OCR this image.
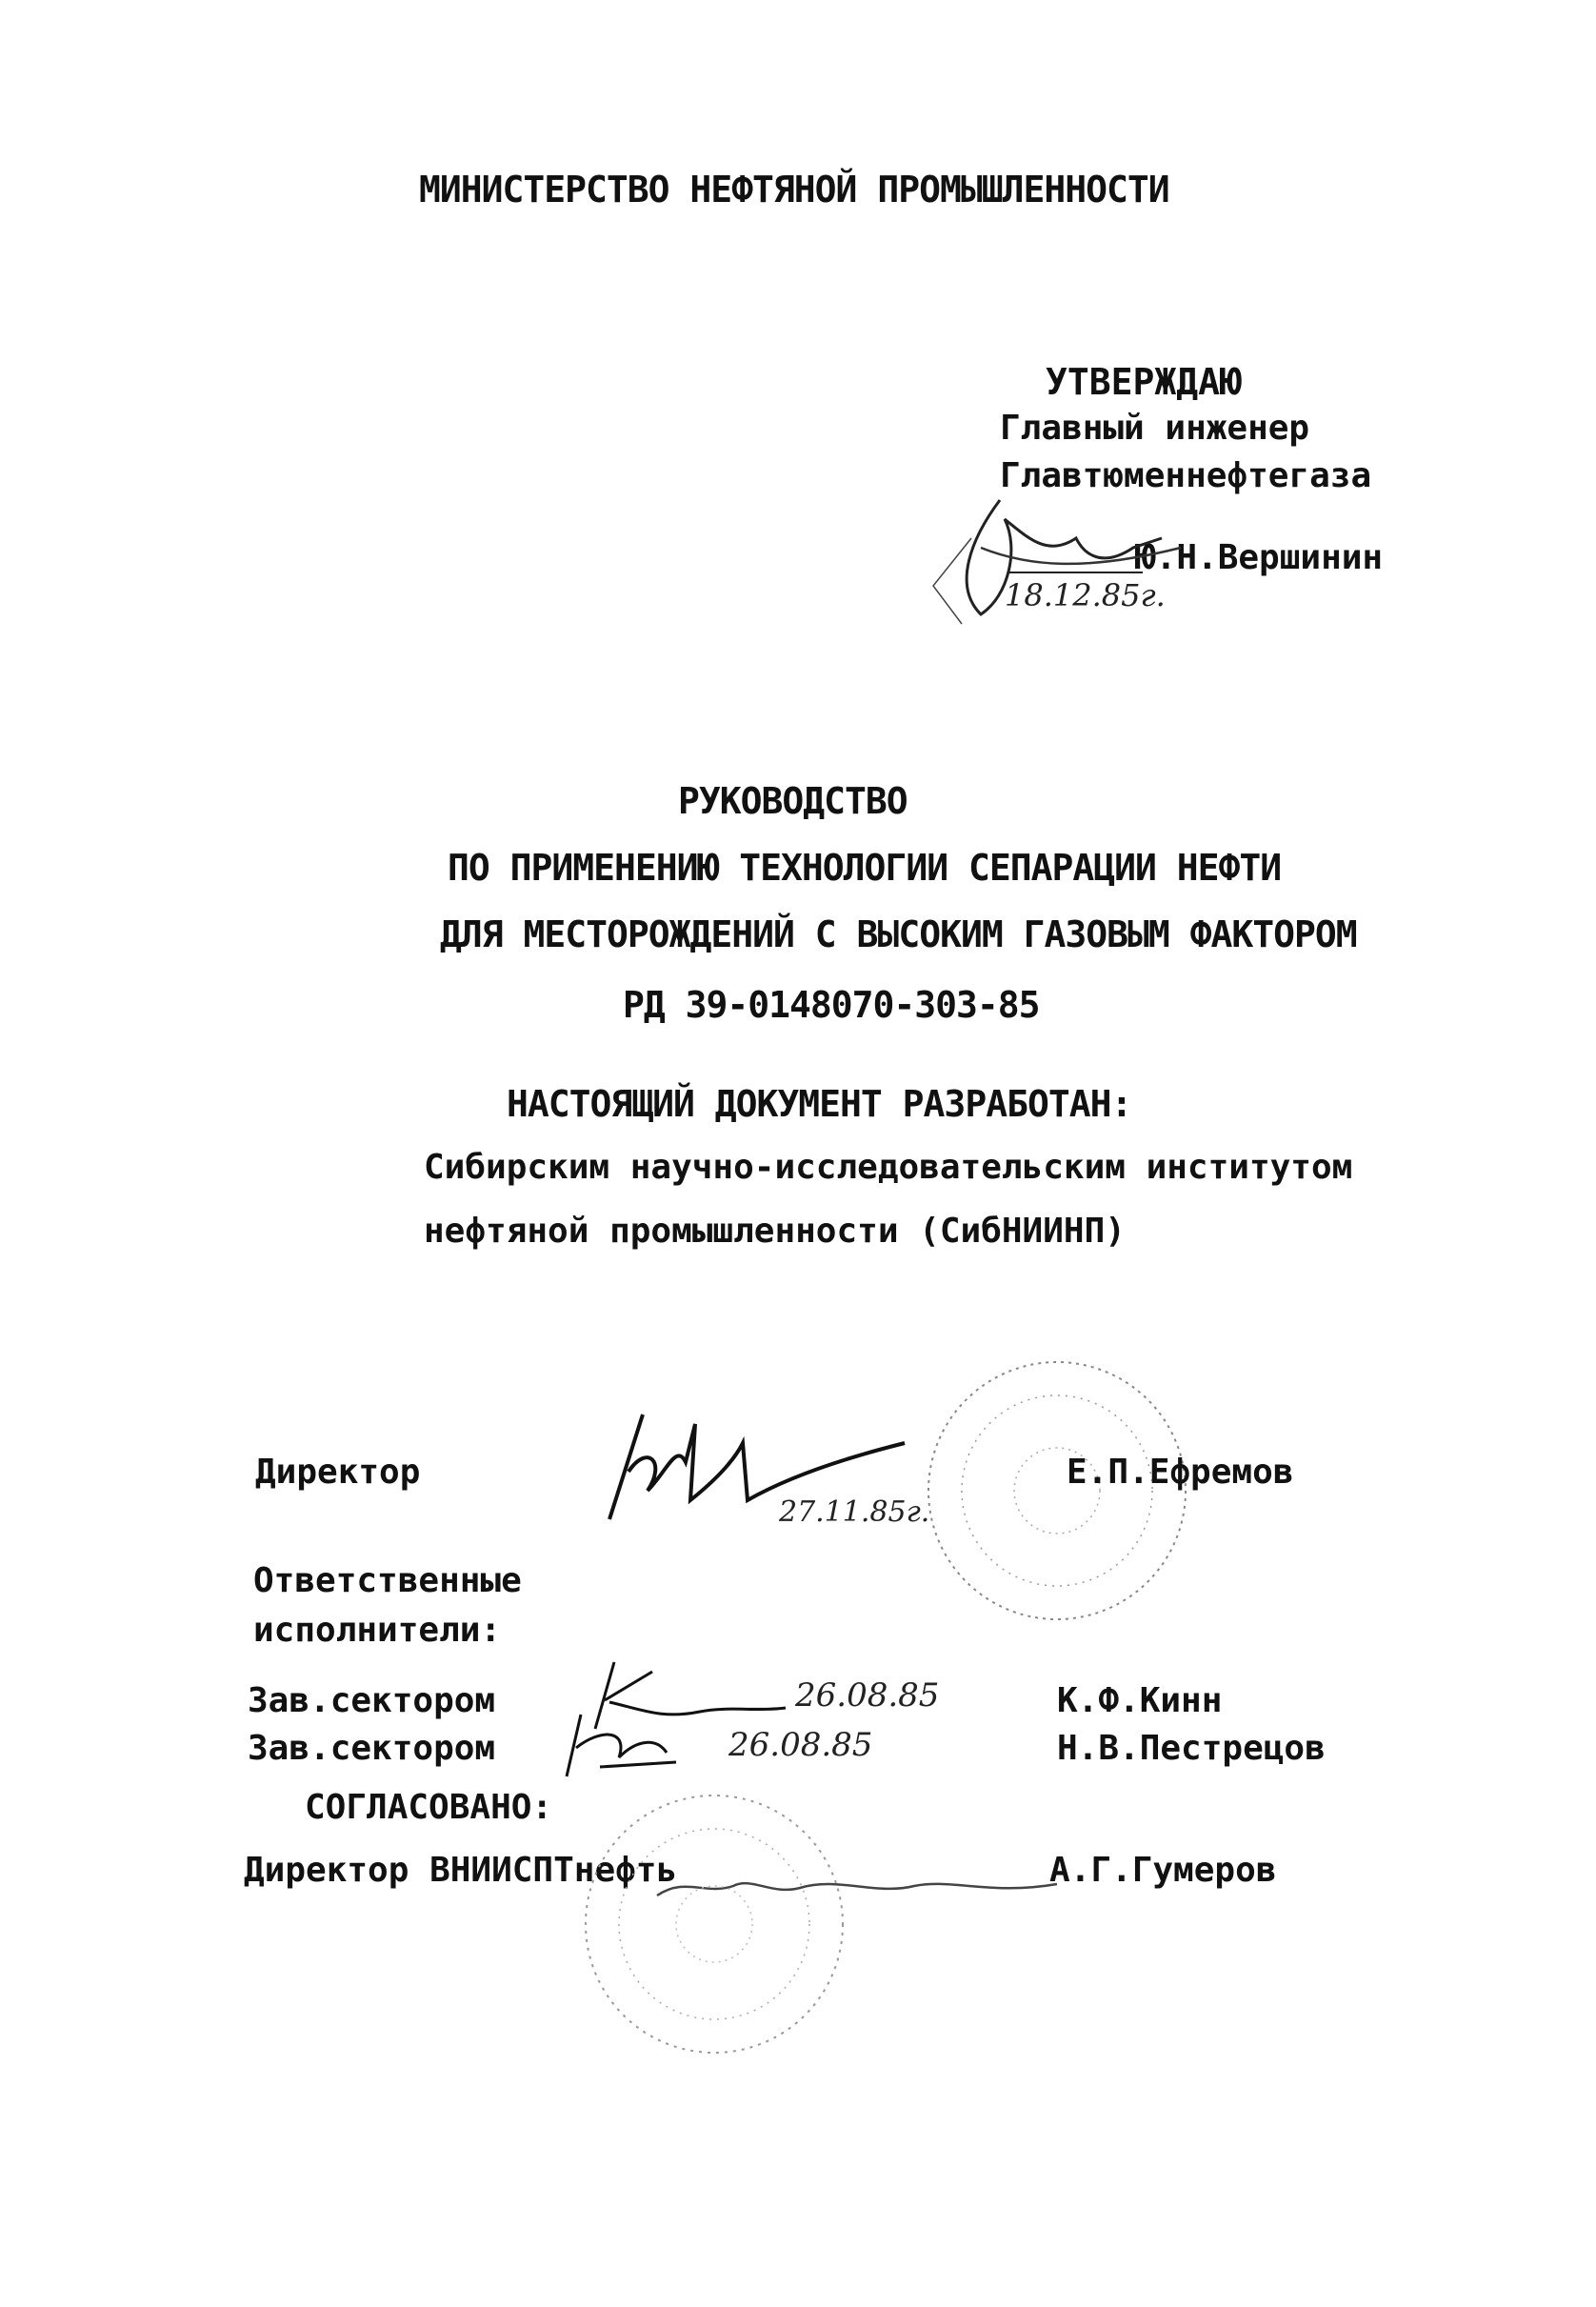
МИНИСТЕРСТВО НЕФТЯНОЙ ПРОМЫШЛЕННОСТИ
УТВЕРЖДАЮ
Главный инженер
Главтюменнефтегаза
Ю.Н.Вершинин
18.12.85г.
РУКОВОДСТВО
ПО ПРИМЕНЕНИЮ ТЕХНОЛОГИИ СЕПАРАЦИИ НЕФТИ
ДЛЯ МЕСТОРОЖДЕНИЙ С ВЫСОКИМ ГАЗОВЫМ ФАКТОРОМ
РД 39-0148070-303-85
НАСТОЯЩИЙ ДОКУМЕНТ РАЗРАБОТАН:
Сибирским научно-исследовательским институтом
нефтяной промышленности (СибНИИНП)
Директор
27.11.85г.
Е.П.Ефремов
Ответственные
исполнители:
Зав.сектором	26.08.85	К.Ф.Кинн
Зав.сектором	26.08.85	Н.В.Пестрецов
СОГЛАСОВАНО:
Директор ВНИИСПТнефть	А.Г.Гумеров
